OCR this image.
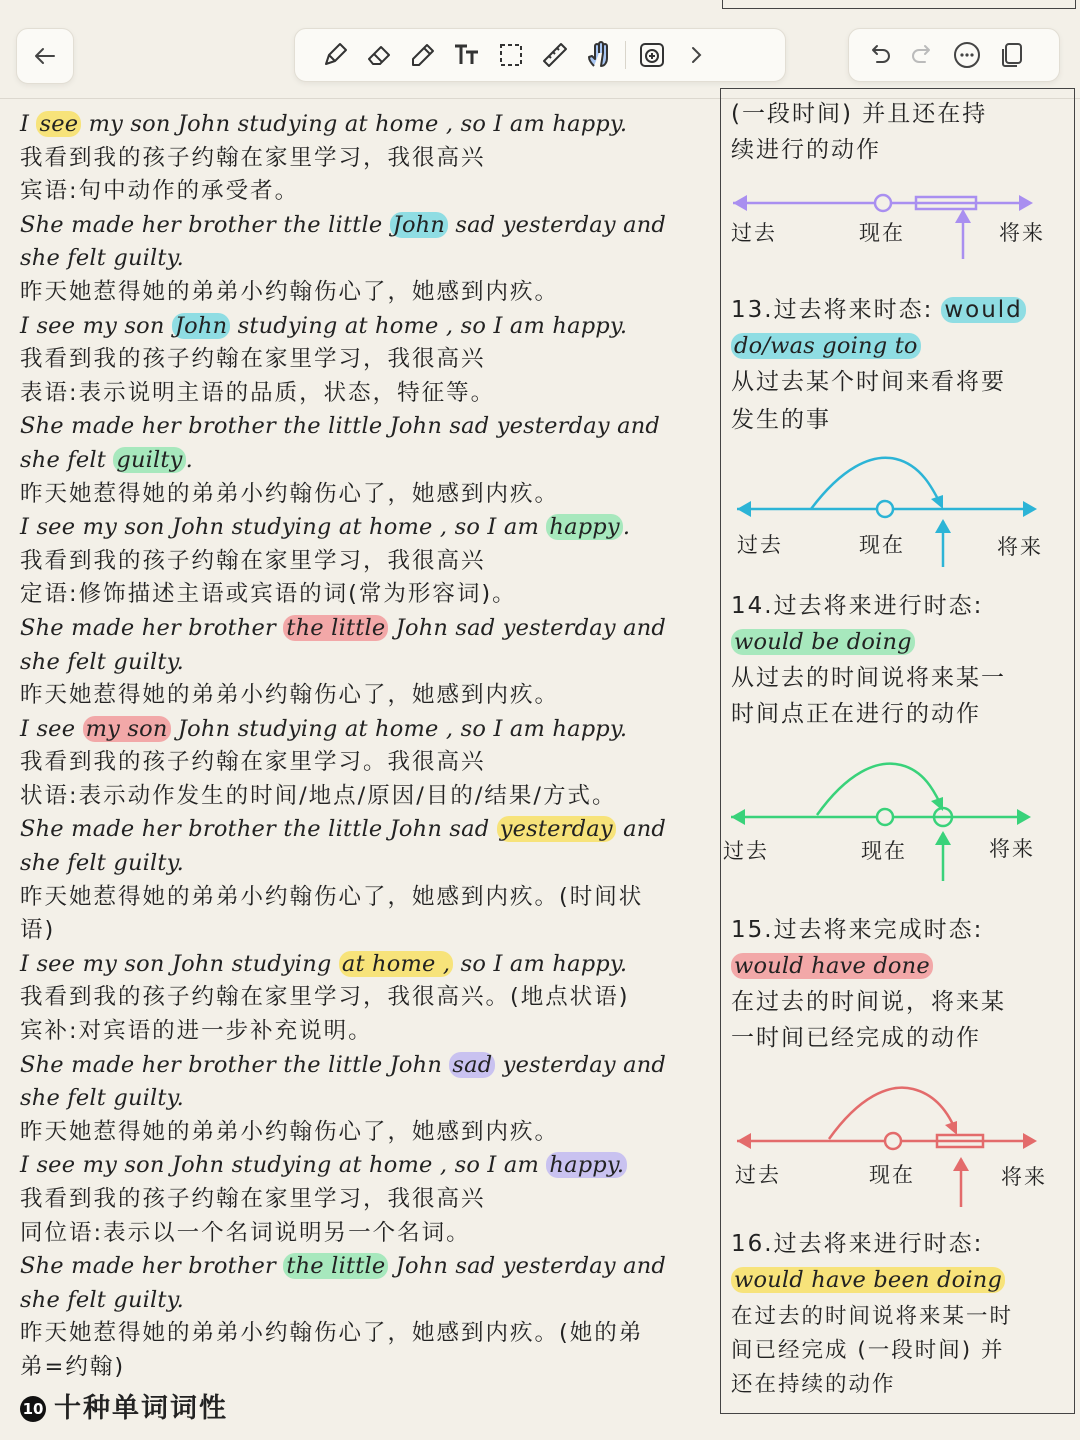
I see my son John studying at home , so I am happy.
我看到我的孩子约翰在家里学习，我很高兴
宾语:句中动作的承受者。
She made her brother the little John sad yesterday and
she felt guilty.
昨天她惹得她的弟弟小约翰伤心了，她感到内疚。
I see my son John studying at home , so I am happy.
我看到我的孩子约翰在家里学习，我很高兴
表语:表示说明主语的品质，状态，特征等。
She made her brother the little John sad yesterday and
she felt guilty .
昨天她惹得她的弟弟小约翰伤心了，她感到内疚。
I see my son John studying at home , so I am happy .
我看到我的孩子约翰在家里学习，我很高兴
定语:修饰描述主语或宾语的词(常为形容词)。
She made her brother the little John sad yesterday and
she felt guilty.
昨天她惹得她的弟弟小约翰伤心了，她感到内疚。
I see my son John studying at home , so I am happy.
我看到我的孩子约翰在家里学习。我很高兴
状语:表示动作发生的时间/地点/原因/目的/结果/方式。
She made her brother the little John sad yesterday and
she felt guilty.
昨天她惹得她的弟弟小约翰伤心了，她感到内疚。(时间状
语)
I see my son John studying at home , so I am happy.
我看到我的孩子约翰在家里学习，我很高兴。(地点状语)
宾补:对宾语的进一步补充说明。
She made her brother the little John sad yesterday and
she felt guilty.
昨天她惹得她的弟弟小约翰伤心了，她感到内疚。
I see my son John studying at home , so I am happy.
我看到我的孩子约翰在家里学习，我很高兴
同位语:表示以一个名词说明另一个名词。
She made her brother the little John sad yesterday and
she felt guilty.
昨天她惹得她的弟弟小约翰伤心了，她感到内疚。(她的弟
弟=约翰)
10 十种单词词性
(一段时间) 并且还在持
续进行的动作
过去	现在	将来
13.过去将来时态: would
do/was going to
从过去某个时间来看将要
发生的事
过去	现在	将来
14.过去将来进行时态:
would be doing
从过去的时间说将来某一
时间点正在进行的动作
过去	现在	将来
15.过去将来完成时态:
would have done
在过去的时间说，将来某
一时间已经完成的动作
过去	现在	将来
16.过去将来进行时态:
would have been doing
在过去的时间说将来某一时
间已经完成 (一段时间) 并
还在持续的动作
